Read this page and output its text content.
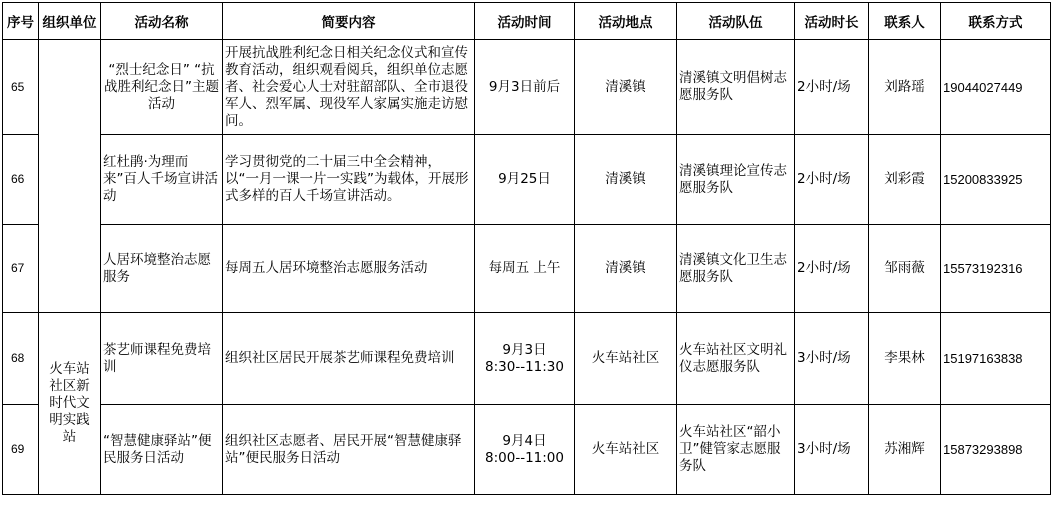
序号	组织单位	活动名称	简要内容	活动时间	活动地点	活动队伍	活动时长	联系人	联系方式
65		“烈士纪念日” “抗战胜利纪念日”主题活动	开展抗战胜利纪念日相关纪念仪式和宣传教育活动，组织观看阅兵，组织单位志愿者、社会爱心人士对驻韶部队、全市退役军人、烈军属、现役军人家属实施走访慰问。	9月3日前后	清溪镇	清溪镇文明倡树志愿服务队	2小时/场	刘路瑶	19044027449
66		红杜鹃·为理而来”百人千场宣讲活动	学习贯彻党的二十届三中全会精神，以“一月一课一片一实践”为载体，开展形式多样的百人千场宣讲活动。	9月25日	清溪镇	清溪镇理论宣传志愿服务队	2小时/场	刘彩霞	15200833925
67		人居环境整治志愿服务	每周五人居环境整治志愿服务活动	每周五 上午	清溪镇	清溪镇文化卫生志愿服务队	2小时/场	邹雨薇	15573192316
68	火车站社区新时代文明实践站	茶艺师课程免费培训	组织社区居民开展茶艺师课程免费培训	9月3日
8:30--11:30	火车站社区	火车站社区文明礼仪志愿服务队	3小时/场	李果林	15197163838
69		“智慧健康驿站”便民服务日活动	组织社区志愿者、居民开展“智慧健康驿站”便民服务日活动	9月4日
8:00--11:00	火车站社区	火车站社区“韶小卫”健管家志愿服务队	3小时/场	苏湘辉	15873293898
